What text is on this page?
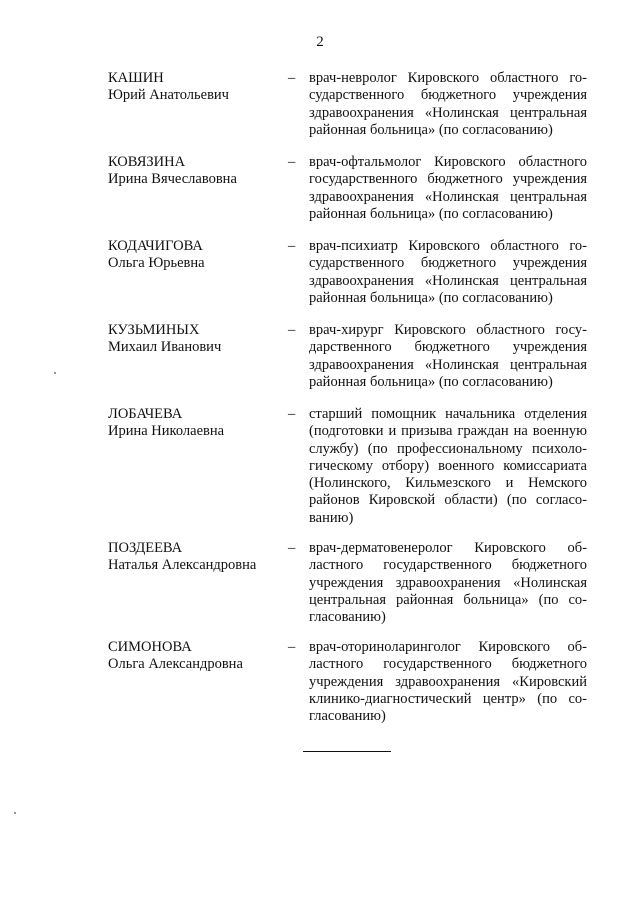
2
КАШИН
Юрий Анатольевич
– врач-невролог Кировского областного го-
сударственного бюджетного учреждения
здравоохранения «Нолинская центральная
районная больница» (по согласованию)
КОВЯЗИНА
Ирина Вячеславовна
– врач-офтальмолог Кировского областного
государственного бюджетного учреждения
здравоохранения «Нолинская центральная
районная больница» (по согласованию)
КОДАЧИГОВА
Ольга Юрьевна
– врач-психиатр Кировского областного го-
сударственного бюджетного учреждения
здравоохранения «Нолинская центральная
районная больница» (по согласованию)
КУЗЬМИНЫХ
Михаил Иванович
– врач-хирург Кировского областного госу-
дарственного бюджетного учреждения
здравоохранения «Нолинская центральная
районная больница» (по согласованию)
ЛОБАЧЕВА
Ирина Николаевна
– старший помощник начальника отделения
(подготовки и призыва граждан на военную
службу) (по профессиональному психоло-
гическому отбору) военного комиссариата
(Нолинского, Кильмезского и Немского
районов Кировской области) (по согласо-
ванию)
ПОЗДЕЕВА
Наталья Александровна
– врач-дерматовенеролог Кировского об-
ластного государственного бюджетного
учреждения здравоохранения «Нолинская
центральная районная больница» (по со-
гласованию)
СИМОНОВА
Ольга Александровна
– врач-оториноларинголог Кировского об-
ластного государственного бюджетного
учреждения здравоохранения «Кировский
клинико-диагностический центр» (по со-
гласованию)
